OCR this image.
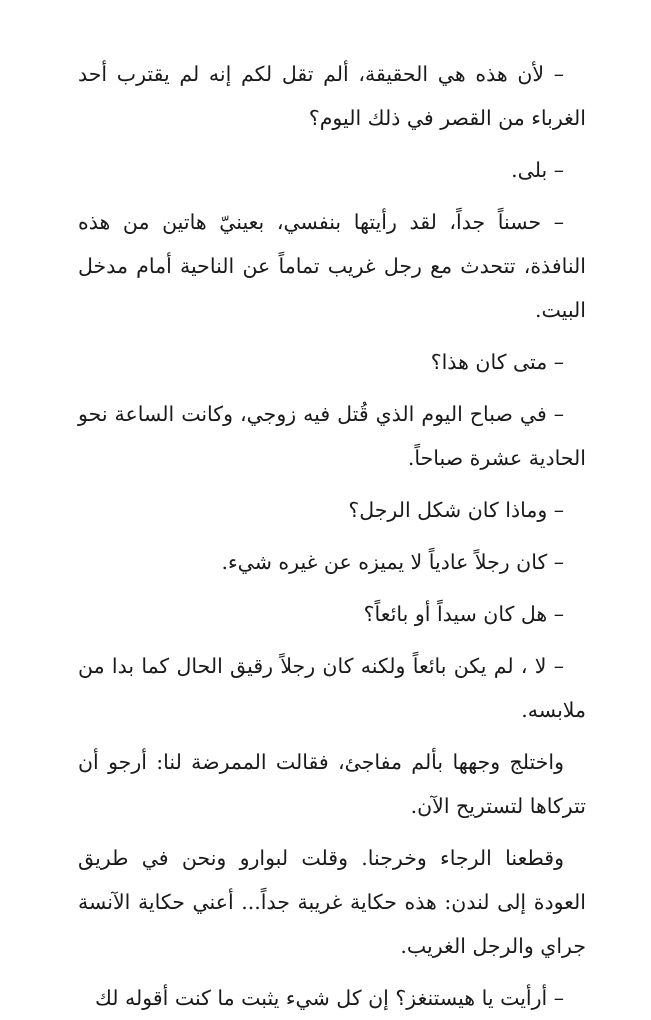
– لأن هذه هي الحقيقة، ألم تقل لكم إنه لم يقترب أحد الغرباء من القصر في ذلك اليوم؟

– بلى.

– حسناً جداً، لقد رأيتها بنفسي، بعينيّ هاتين من هذه النافذة، تتحدث مع رجل غريب تماماً عن الناحية أمام مدخل البيت.

– متى كان هذا؟

– في صباح اليوم الذي قُتل فيه زوجي، وكانت الساعة نحو الحادية عشرة صباحاً.

– وماذا كان شكل الرجل؟

– كان رجلاً عادياً لا يميزه عن غيره شيء.

– هل كان سيداً أو بائعاً؟

– لا ، لم يكن بائعاً ولكنه كان رجلاً رقيق الحال كما بدا من ملابسه.

واختلج وجهها بألم مفاجئ، فقالت الممرضة لنا: أرجو أن تتركاها لتستريح الآن.

وقطعنا الرجاء وخرجنا. وقلت لبوارو ونحن في طريق العودة إلى لندن: هذه حكاية غريبة جداً... أعني حكاية الآنسة جراي والرجل الغريب.

– أرأيت يا هيستنغز؟ إن كل شيء يثبت ما كنت أقوله لك
